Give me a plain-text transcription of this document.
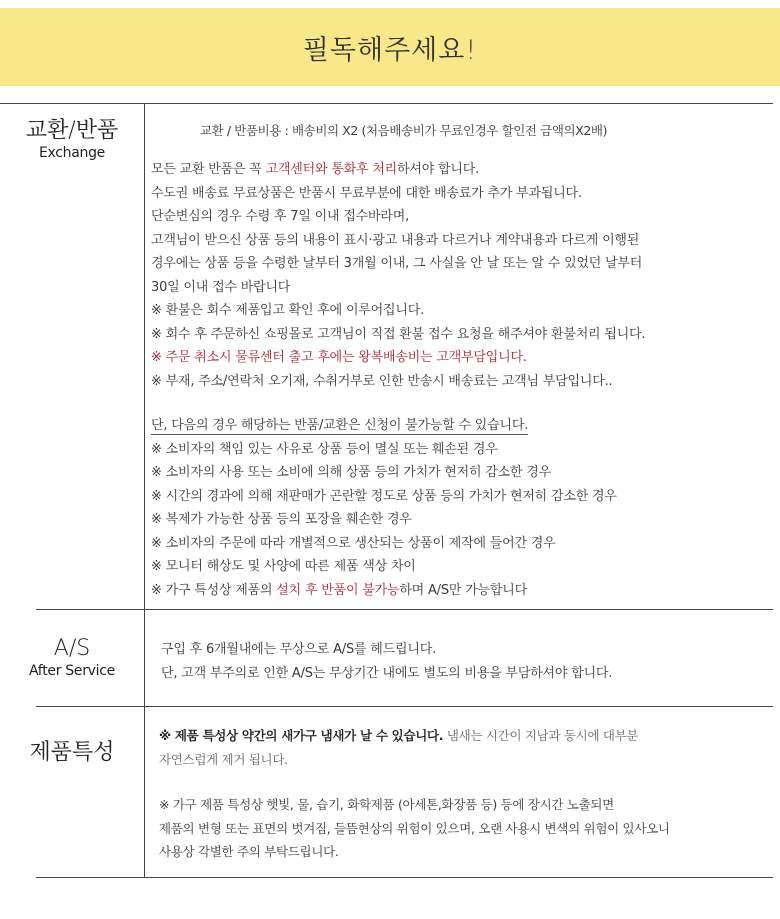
필독해주세요!
교환/반품
Exchange
교환 / 반품비용 : 배송비의 X2 (처음배송비가 무료인경우 할인전 금액의X2배)
모든 교환 반품은 꼭 고객센터와 통화후 처리하셔야 합니다.
수도권 배송료 무료상품은 반품시 무료부분에 대한 배송료가 추가 부과됩니다.
단순변심의 경우 수령 후 7일 이내 접수바라며,
고객님이 받으신 상품 등의 내용이 표시·광고 내용과 다르거나 계약내용과 다르게 이행된
경우에는 상품 등을 수령한 날부터 3개월 이내, 그 사실을 안 날 또는 알 수 있었던 날부터
30일 이내 접수 바랍니다
※ 환불은 회수 제품입고 확인 후에 이루어집니다.
※ 회수 후 주문하신 쇼핑몰로 고객님이 직접 환불 접수 요청을 해주셔야 환불처리 됩니다.
※ 주문 취소시 물류센터 출고 후에는 왕복배송비는 고객부담입니다.
※ 부재, 주소/연락처 오기재, 수취거부로 인한 반송시 배송료는 고객님 부담입니다..
단, 다음의 경우 해당하는 반품/교환은 신청이 불가능할 수 있습니다.
※ 소비자의 책임 있는 사유로 상품 등이 멸실 또는 훼손된 경우
※ 소비자의 사용 또는 소비에 의해 상품 등의 가치가 현저히 감소한 경우
※ 시간의 경과에 의해 재판매가 곤란할 정도로 상품 등의 가치가 현저히 감소한 경우
※ 복제가 가능한 상품 등의 포장을 훼손한 경우
※ 소비자의 주문에 따라 개별적으로 생산되는 상품이 제작에 들어간 경우
※ 모니터 해상도 및 사양에 따른 제품 색상 차이
※ 가구 특성상 제품의 설치 후 반품이 불가능하며 A/S만 가능합니다
A/S
After Service
구입 후 6개월내에는 무상으로 A/S를 헤드립니다.
단, 고객 부주의로 인한 A/S는 무상기간 내에도 별도의 비용을 부담하셔야 합니다.
제품특성
※ 제품 특성상 약간의 새가구 냄새가 날 수 있습니다. 냄새는 시간이 지남과 동시에 대부분
자연스럽게 제거 됩니다.
※ 가구 제품 특성상 햇빛, 물, 습기, 화학제품 (아세톤,화장품 등) 등에 장시간 노출되면
제품의 변형 또는 표면의 벗겨짐, 들뜸현상의 위험이 있으며, 오랜 사용시 변색의 위험이 있사오니
사용상 각별한 주의 부탁드립니다.
